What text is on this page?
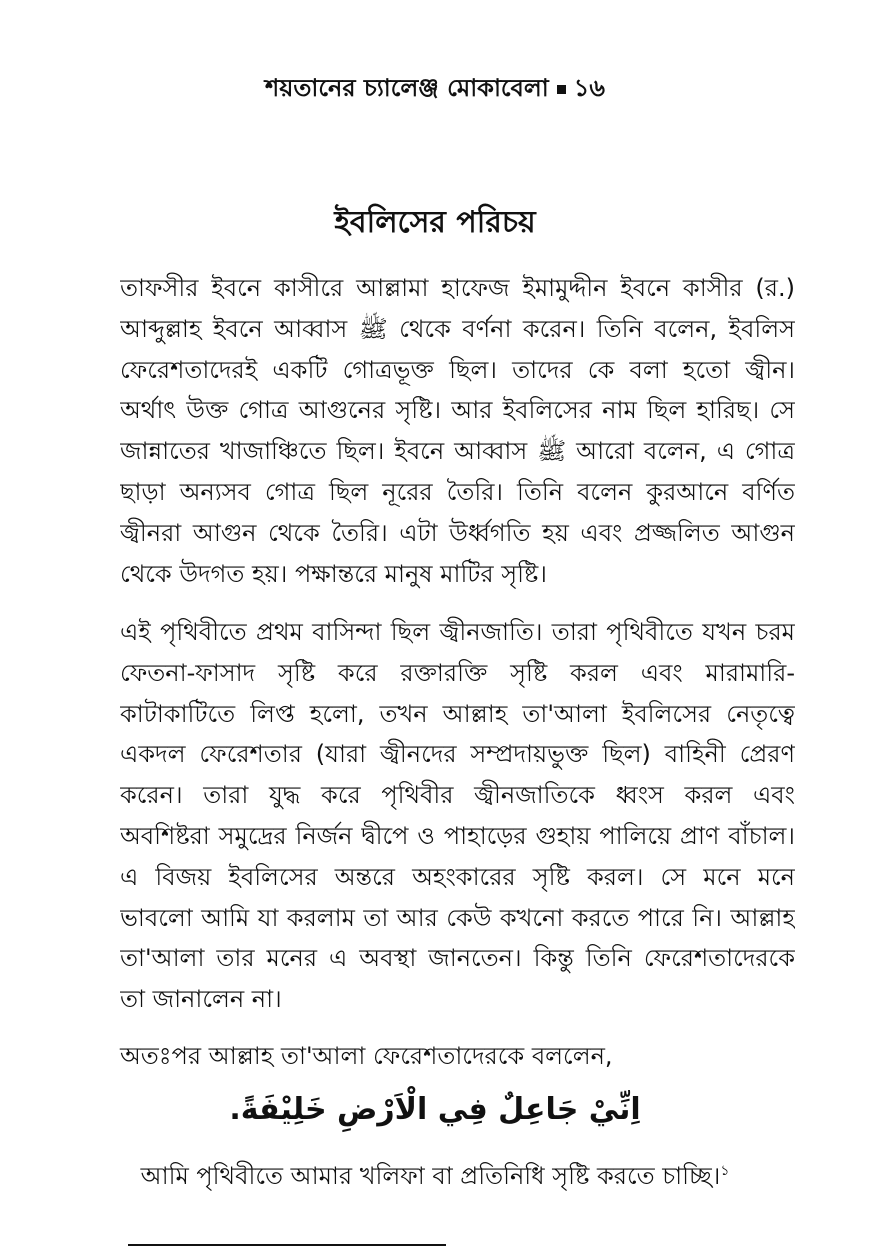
শয়তানের চ্যালেঞ্জ মোকাবেলা ১৬
ইবলিসের পরিচয়
তাফসীর ইবনে কাসীরে আল্লামা হাফেজ ইমামুদ্দীন ইবনে কাসীর (র.)
আব্দুল্লাহ ইবনে আব্বাস ﷺ থেকে বর্ণনা করেন। তিনি বলেন, ইবলিস
ফেরেশতাদেরই একটি গোত্রভূক্ত ছিল। তাদের কে বলা হতো জ্বীন।
অর্থাৎ উক্ত গোত্র আগুনের সৃষ্টি। আর ইবলিসের নাম ছিল হারিছ। সে
জান্নাতের খাজাঞ্চিতে ছিল। ইবনে আব্বাস ﷺ আরো বলেন, এ গোত্র
ছাড়া অন্যসব গোত্র ছিল নূরের তৈরি। তিনি বলেন কুরআনে বর্ণিত
জ্বীনরা আগুন থেকে তৈরি। এটা উর্ধ্বগতি হয় এবং প্রজ্জলিত আগুন
থেকে উদগত হয়। পক্ষান্তরে মানুষ মাটির সৃষ্টি।
এই পৃথিবীতে প্রথম বাসিন্দা ছিল জ্বীনজাতি। তারা পৃথিবীতে যখন চরম
ফেতনা-ফাসাদ সৃষ্টি করে রক্তারক্তি সৃষ্টি করল এবং মারামারি-
কাটাকাটিতে লিপ্ত হলো, তখন আল্লাহ তা'আলা ইবলিসের নেতৃত্বে
একদল ফেরেশতার (যারা জ্বীনদের সম্প্রদায়ভুক্ত ছিল) বাহিনী প্রেরণ
করেন। তারা যুদ্ধ করে পৃথিবীর জ্বীনজাতিকে ধ্বংস করল এবং
অবশিষ্টরা সমুদ্রের নির্জন দ্বীপে ও পাহাড়ের গুহায় পালিয়ে প্রাণ বাঁচাল।
এ বিজয় ইবলিসের অন্তরে অহংকারের সৃষ্টি করল। সে মনে মনে
ভাবলো আমি যা করলাম তা আর কেউ কখনো করতে পারে নি। আল্লাহ
তা'আলা তার মনের এ অবস্থা জানতেন। কিন্তু তিনি ফেরেশতাদেরকে
তা জানালেন না।
অতঃপর আল্লাহ তা'আলা ফেরেশতাদেরকে বললেন,
اِنِّيْ جَاعِلٌ فِي الْاَرْضِ خَلِيْفَةً.
আমি পৃথিবীতে আমার খলিফা বা প্রতিনিধি সৃষ্টি করতে চাচ্ছি।$^১$
